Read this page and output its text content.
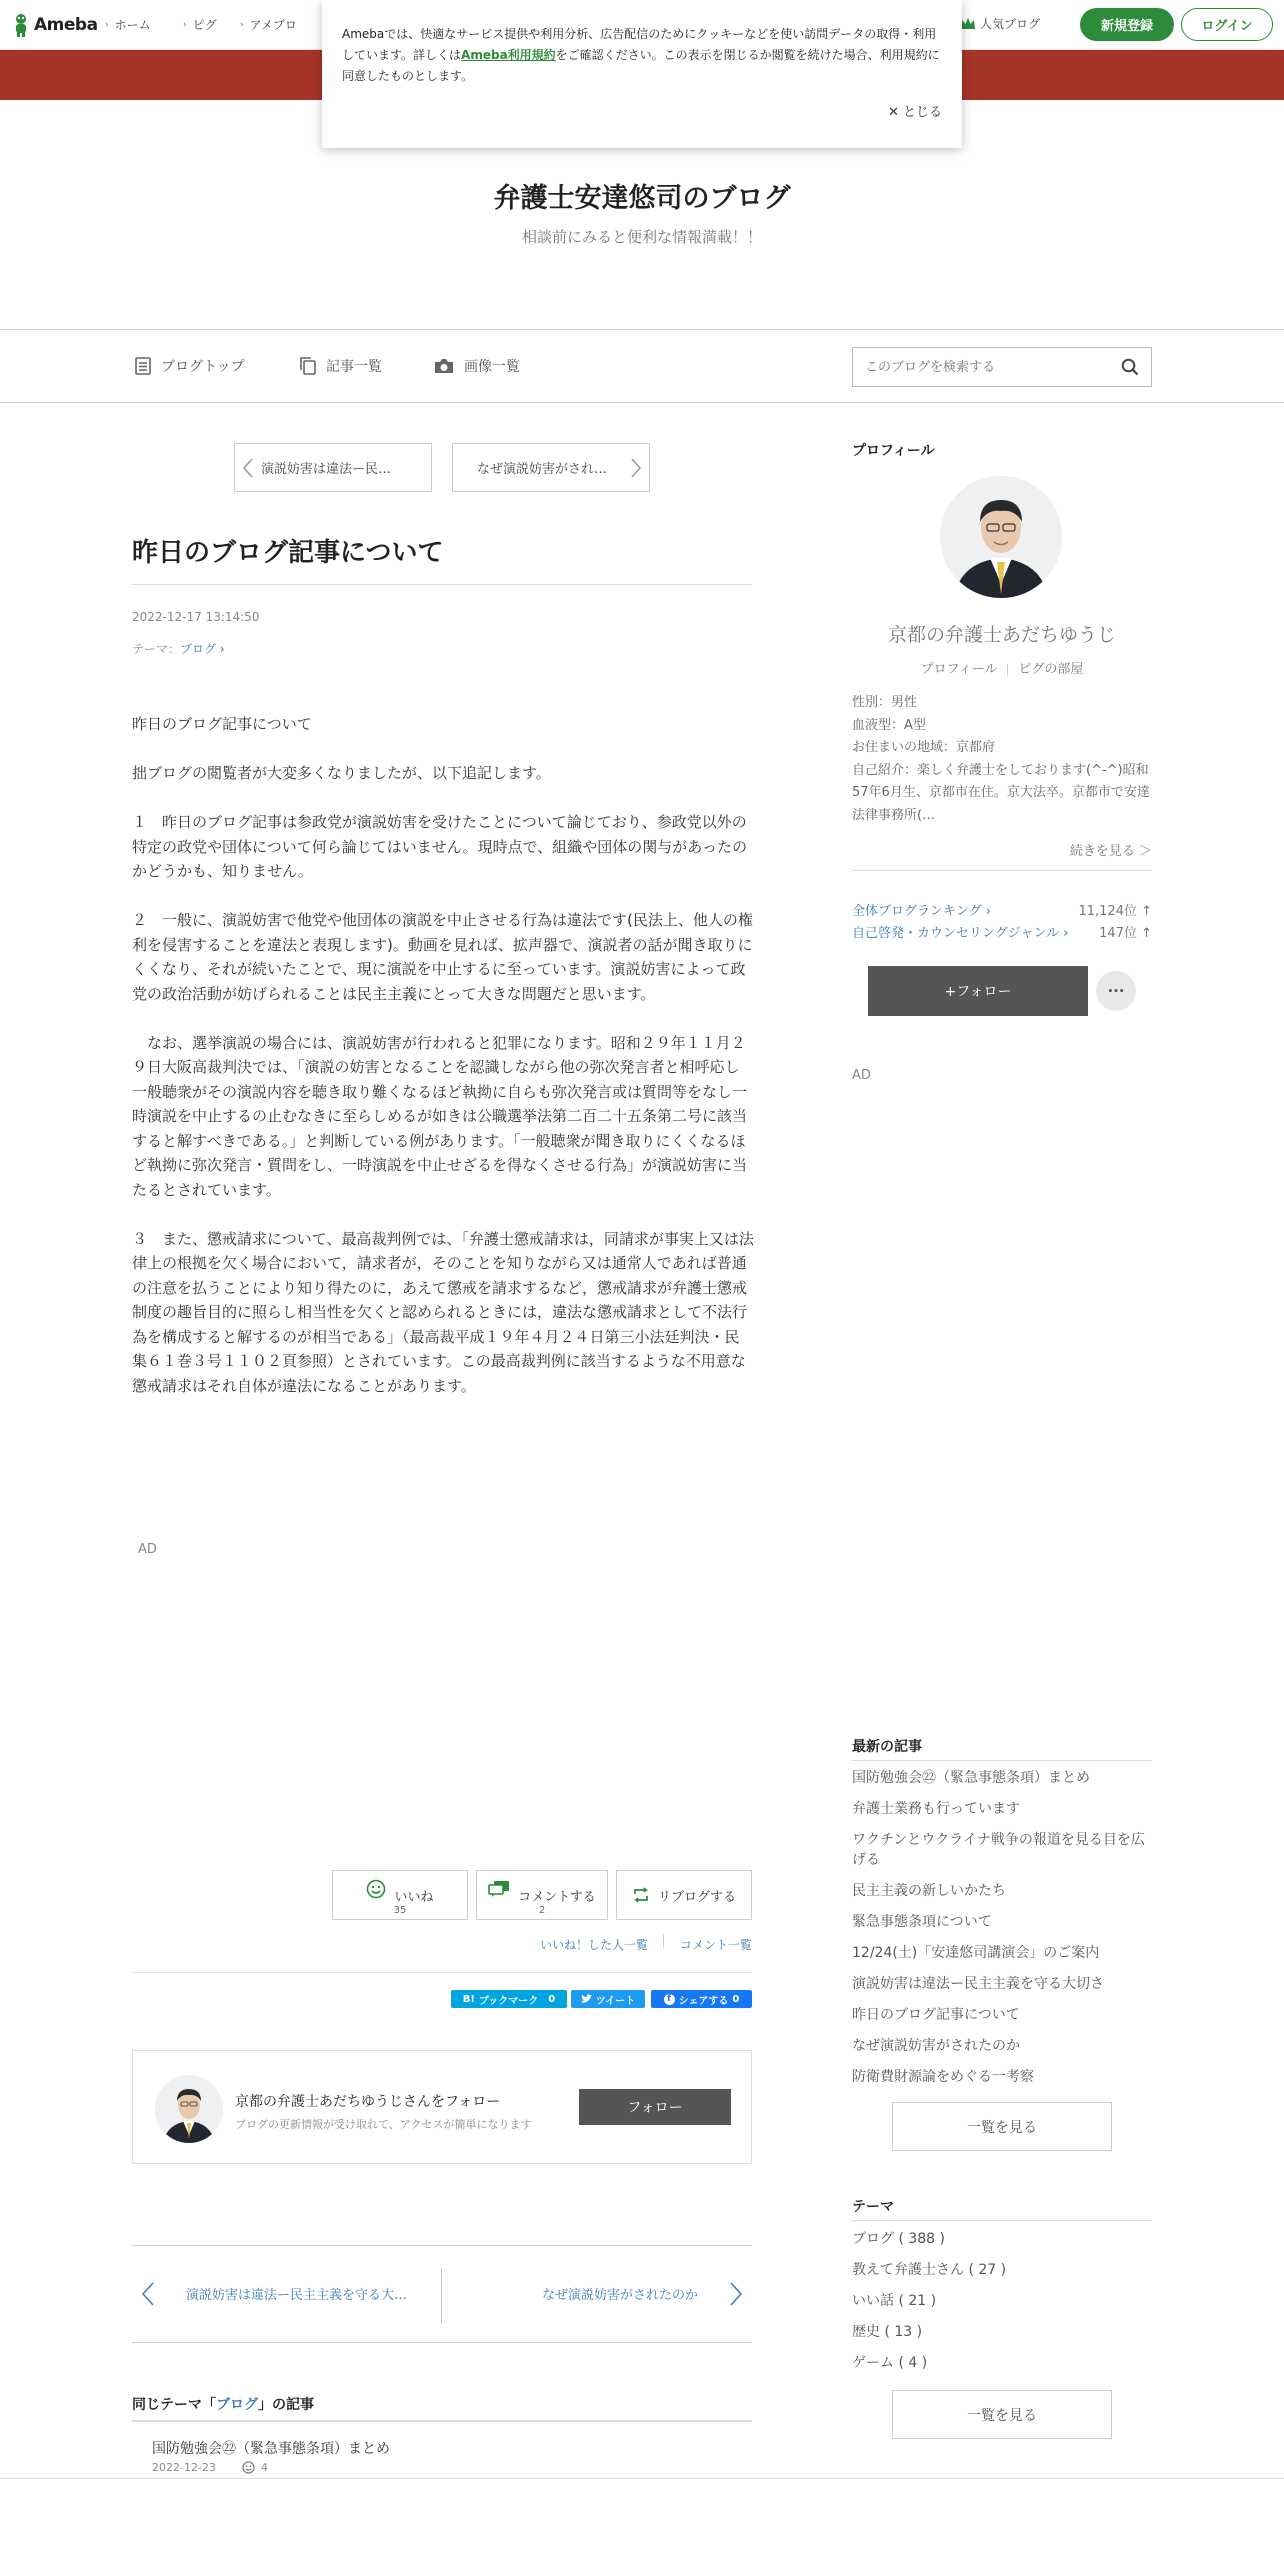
Ameba › ホーム	› ピグ	› アメブロ	人気ブログ	新規登録	ログイン
Amebaでは、快適なサービス提供や利用分析、広告配信のためにクッキーなどを使い訪問データの取得・利用しています。詳しくはAmeba利用規約をご確認ください。この表示を閉じるか閲覧を続けた場合、利用規約に同意したものとします。
✕ とじる
弁護士安達悠司のブログ
相談前にみると便利な情報満載！！
ブログトップ	記事一覧	画像一覧
このブログを検索する
演説妨害は違法ー民…	なぜ演説妨害がされ…
昨日のブログ記事について
2022-12-17 13:14:50
テーマ：ブログ ›

昨日のブログ記事について

拙ブログの閲覧者が大変多くなりましたが、以下追記します。

１　昨日のブログ記事は参政党が演説妨害を受けたことについて論じており、参政党以外の特定の政党や団体について何ら論じてはいません。現時点で、組織や団体の関与があったのかどうかも、知りません。

２　一般に、演説妨害で他党や他団体の演説を中止させる行為は違法です(民法上、他人の権利を侵害することを違法と表現します)。動画を見れば、拡声器で、演説者の話が聞き取りにくくなり、それが続いたことで、現に演説を中止するに至っています。演説妨害によって政党の政治活動が妨げられることは民主主義にとって大きな問題だと思います。

　なお、選挙演説の場合には、演説妨害が行われると犯罪になります。昭和２９年１１月２９日大阪高裁判決では、「演説の妨害となることを認識しながら他の弥次発言者と相呼応し一般聴衆がその演説内容を聴き取り難くなるほど執拗に自らも弥次発言或は質問等をなし一時演説を中止するの止むなきに至らしめるが如きは公職選挙法第二百二十五条第二号に該当すると解すべきである。」と判断している例があります。「一般聴衆が聞き取りにくくなるほど執拗に弥次発言・質問をし、一時演説を中止せざるを得なくさせる行為」が演説妨害に当たるとされています。

３　また、懲戒請求について、最高裁判例では、「弁護士懲戒請求は，同請求が事実上又は法律上の根拠を欠く場合において，請求者が，そのことを知りながら又は通常人であれば普通の注意を払うことにより知り得たのに，あえて懲戒を請求するなど，懲戒請求が弁護士懲戒制度の趣旨目的に照らし相当性を欠くと認められるときには，違法な懲戒請求として不法行為を構成すると解するのが相当である」（最高裁平成１９年４月２４日第三小法廷判決・民集６１巻３号１１０２頁参照）とされています。この最高裁判例に該当するような不用意な懲戒請求はそれ自体が違法になることがあります。

AD
いいね
35
コメントする
2
リブログする
いいね！した人一覧	コメント一覧
B! ブックマーク 0	ツイート	f シェアする 0
京都の弁護士あだちゆうじさんをフォロー
ブログの更新情報が受け取れて、アクセスが簡単になります
フォロー
演説妨害は違法ー民主主義を守る大…	なぜ演説妨害がされたのか
同じテーマ「ブログ」の記事
国防勉強会㉒（緊急事態条項）まとめ
2022-12-23	4
プロフィール
京都の弁護士あだちゆうじ
プロフィール ピグの部屋
性別：男性
血液型：A型
お住まいの地域：京都府
自己紹介：楽しく弁護士をしております(^-^)昭和57年6月生、京都市在住。京大法卒。京都市で安達法律事務所(…
続きを見る ＞
全体ブログランキング ›	11,124位 ↑
自己啓発・カウンセリングジャンル › 147位 ↑
+フォロー	···
AD
最新の記事
国防勉強会㉒（緊急事態条項）まとめ
弁護士業務も行っています
ワクチンとウクライナ戦争の報道を見る目を広げる
民主主義の新しいかたち
緊急事態条項について
12/24(土)「安達悠司講演会」のご案内
演説妨害は違法ー民主主義を守る大切さ
昨日のブログ記事について
なぜ演説妨害がされたのか
防衛費財源論をめぐる一考察
一覧を見る
テーマ
ブログ ( 388 )
教えて弁護士さん ( 27 )
いい話 ( 21 )
歴史 ( 13 )
ゲーム ( 4 )
一覧を見る
